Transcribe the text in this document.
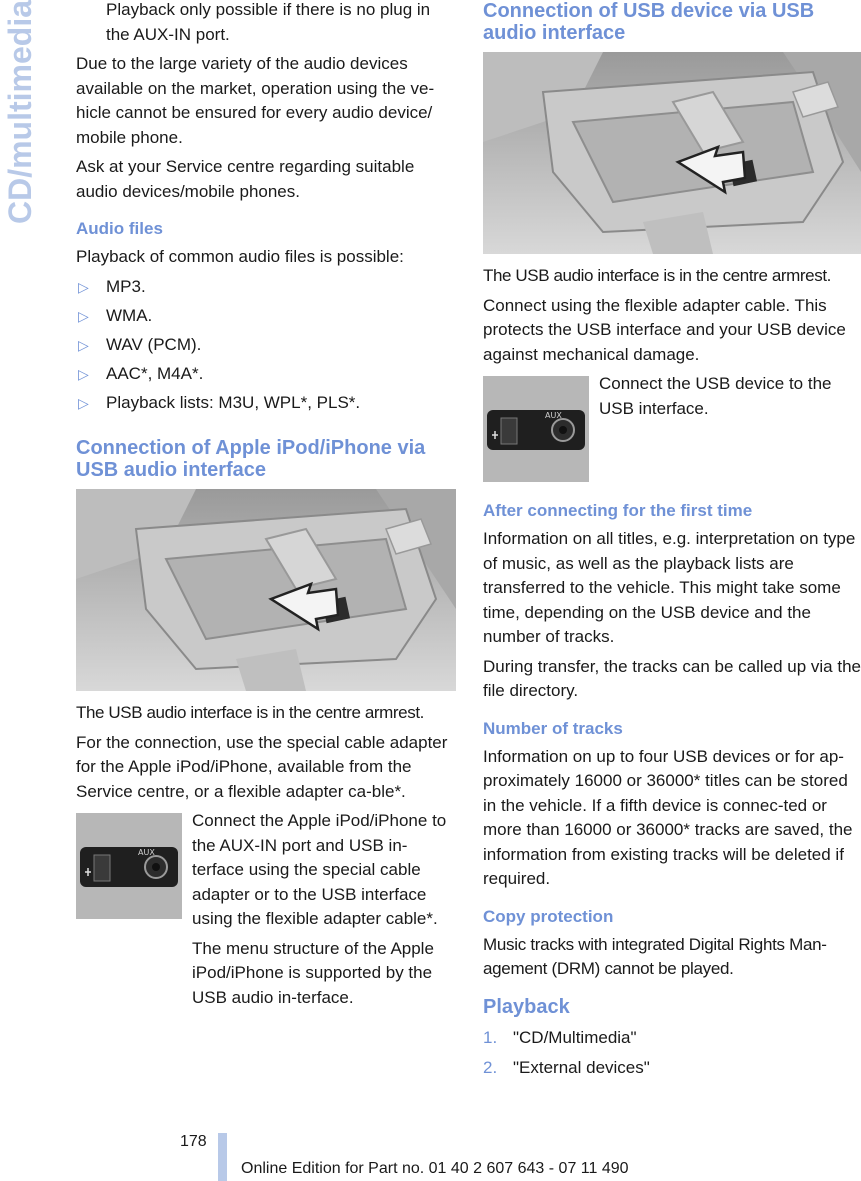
CD/multimedia	Playback only possible if there is no plug in the AUX-IN port.

Due to the large variety of the audio devices available on the market, operation using the ve-hicle cannot be ensured for every audio device/ mobile phone.

Ask at your Service centre regarding suitable audio devices/mobile phones.

Audio files

Playback of common audio files is possible:

▷ MP3.
▷ WMA.
▷ WAV (PCM).
▷ AAC*, M4A*.
▷ Playback lists: M3U, WPL*, PLS*.
Connection of Apple iPod/iPhone via USB audio interface

The USB audio interface is in the centre armrest.

For the connection, use the special cable adapter for the Apple iPod/iPhone, available from the Service centre, or a flexible adapter ca-ble*.

AUX

Connect the Apple iPod/iPhone to the AUX-IN port and USB in-terface using the special cable adapter or to the USB interface using the flexible adapter cable*.

The menu structure of the Apple iPod/iPhone is supported by the USB audio in-terface.

Connection of USB device via USB audio interface

The USB audio interface is in the centre armrest.

Connect using the flexible adapter cable. This protects the USB interface and your USB device against mechanical damage.

AUX

Connect the USB device to the USB interface.

After connecting for the first time

Information on all titles, e.g. interpretation on type of music, as well as the playback lists are transferred to the vehicle. This might take some time, depending on the USB device and the number of tracks.

During transfer, the tracks can be called up via the file directory.

Number of tracks

Information on up to four USB devices or for ap-proximately 16000 or 36000* titles can be stored in the vehicle. If a fifth device is connec-ted or more than 16000 or 36000* tracks are saved, the information from existing tracks will be deleted if required.

Copy protection

Music tracks with integrated Digital Rights Man-agement (DRM) cannot be played.

Playback
1. "CD/Multimedia"
2. "External devices"
178
Online Edition for Part no. 01 40 2 607 643 - 07 11 490
